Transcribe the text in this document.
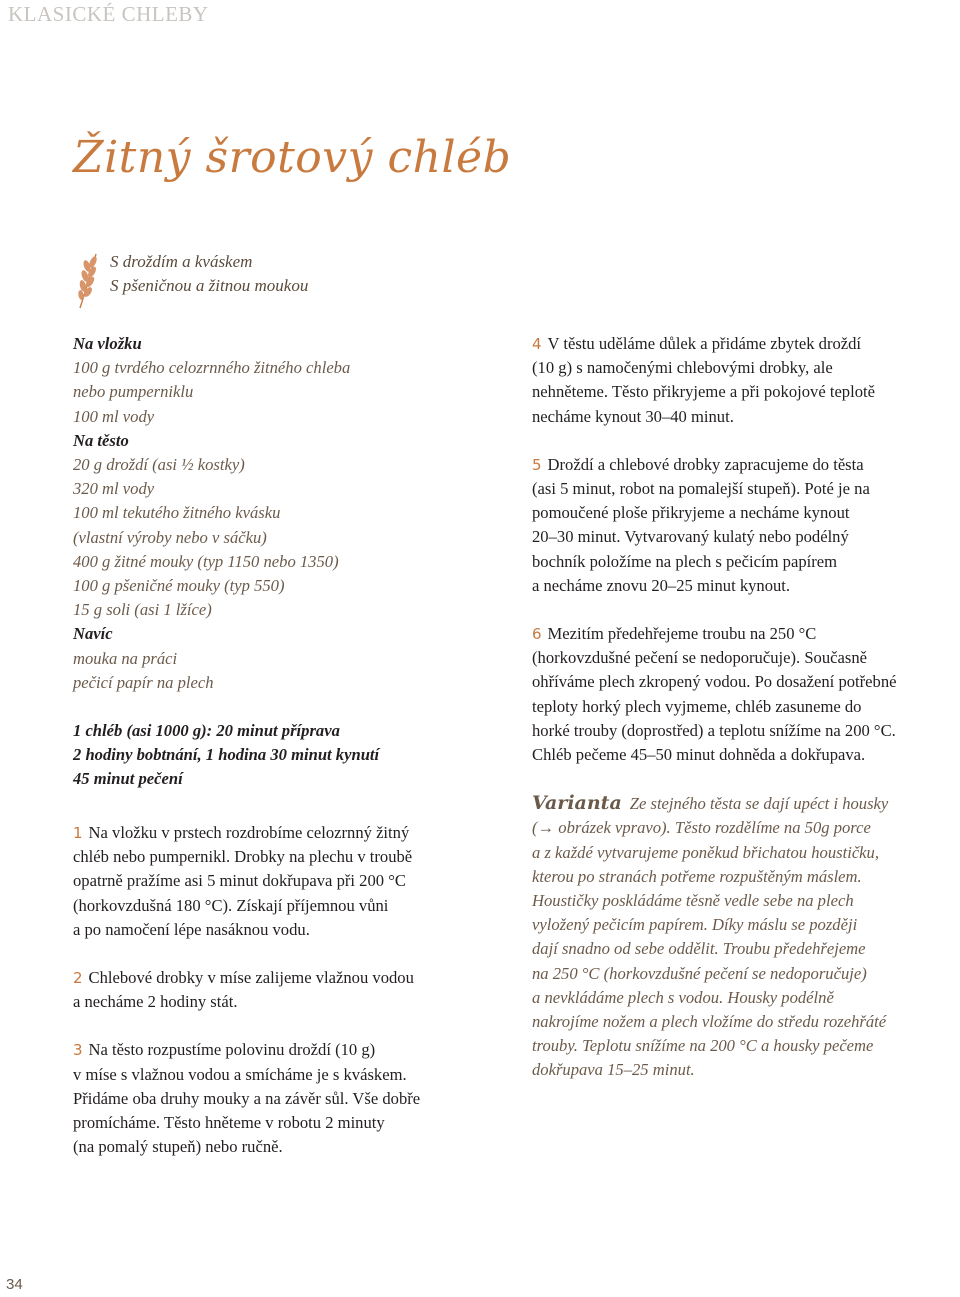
KLASICKÉ CHLEBY
Žitný šrotový chléb
S droždím a kváskem
S pšeničnou a žitnou moukou
Na vložku
100 g tvrdého celozrnného žitného chleba
nebo pumperniklu
100 ml vody
Na těsto
20 g droždí (asi ½ kostky)
320 ml vody
100 ml tekutého žitného kvásku
(vlastní výroby nebo v sáčku)
400 g žitné mouky (typ 1150 nebo 1350)
100 g pšeničné mouky (typ 550)
15 g soli (asi 1 lžíce)
Navíc
mouka na práci
pečicí papír na plech
1 chléb (asi 1000 g): 20 minut příprava
2 hodiny bobtnání, 1 hodina 30 minut kynutí
45 minut pečení
1 Na vložku v prstech rozdrobíme celozrnný žitný
chléb nebo pumpernikl. Drobky na plechu v troubě
opatrně pražíme asi 5 minut dokřupava při 200 °C
(horkovzdušná 180 °C). Získají příjemnou vůni
a po namočení lépe nasáknou vodu.
2 Chlebové drobky v míse zalijeme vlažnou vodou
a necháme 2 hodiny stát.
3 Na těsto rozpustíme polovinu droždí (10 g)
v míse s vlažnou vodou a smícháme je s kváskem.
Přidáme oba druhy mouky a na závěr sůl. Vše dobře
promícháme. Těsto hněteme v robotu 2 minuty
(na pomalý stupeň) nebo ručně.
4 V těstu uděláme důlek a přidáme zbytek droždí
(10 g) s namočenými chlebovými drobky, ale
nehněteme. Těsto přikryjeme a při pokojové teplotě
necháme kynout 30–40 minut.
5 Droždí a chlebové drobky zapracujeme do těsta
(asi 5 minut, robot na pomalejší stupeň). Poté je na
pomoučené ploše přikryjeme a necháme kynout
20–30 minut. Vytvarovaný kulatý nebo podélný
bochník položíme na plech s pečicím papírem
a necháme znovu 20–25 minut kynout.
6 Mezitím předehřejeme troubu na 250 °C
(horkovzdušné pečení se nedoporučuje). Současně
ohříváme plech zkropený vodou. Po dosažení potřebné
teploty horký plech vyjmeme, chléb zasuneme do
horké trouby (doprostřed) a teplotu snížíme na 200 °C.
Chléb pečeme 45–50 minut dohněda a dokřupava.
Varianta Ze stejného těsta se dají upéct i housky
(→ obrázek vpravo). Těsto rozdělíme na 50g porce
a z každé vytvarujeme poněkud břichatou houstičku,
kterou po stranách potřeme rozpuštěným máslem.
Houstičky poskládáme těsně vedle sebe na plech
vyložený pečicím papírem. Díky máslu se později
dají snadno od sebe oddělit. Troubu předehřejeme
na 250 °C (horkovzdušné pečení se nedoporučuje)
a nevkládáme plech s vodou. Housky podélně
nakrojíme nožem a plech vložíme do středu rozehřáté
trouby. Teplotu snížíme na 200 °C a housky pečeme
dokřupava 15–25 minut.
34
